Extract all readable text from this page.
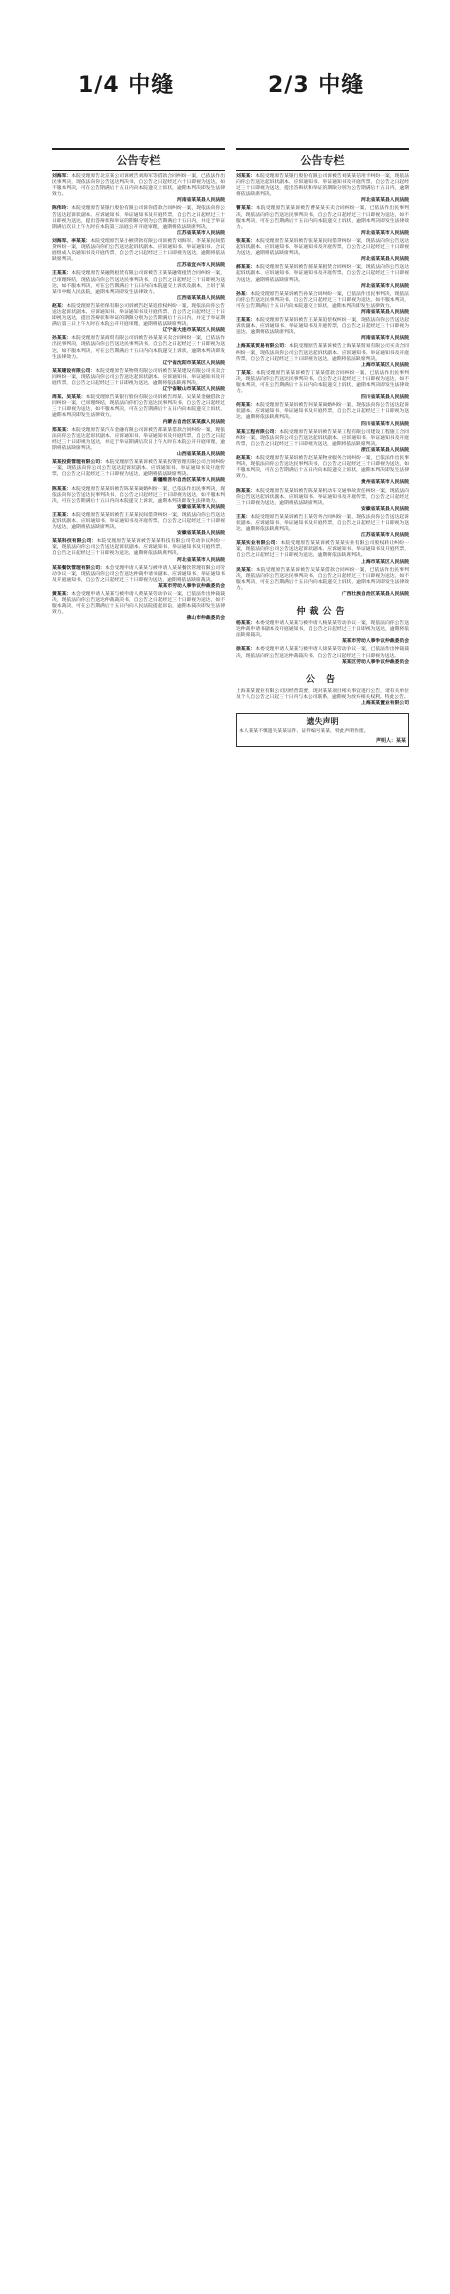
1/4 中缝	2/3 中缝
公告专栏

刘海军：本院受理原告北京某公司诉被告刘海军等借款合同纠纷一案，已依法作出民事判决，现依法向你公告送达判决书，自公告之日起经过六十日即视为送达。如不服本判决，可在公告期满后十五日内向本院递交上诉状，逾期本判决即发生法律效力。
河南省某某县人民法院

陈伟玲：本院受理原告某银行股份有限公司诉你借款合同纠纷一案，现依法向你公告送达起诉状副本、应诉通知书、举证通知书及开庭传票，自公告之日起经过三十日即视为送达，提出答辩状和举证的期限分别为公告期满后十五日内，并定于举证期满后次日上午九时在本院第三法庭公开开庭审理，逾期将依法缺席判决。
江苏省某某市人民法院

刘海军、李某某：本院受理原告某小额贷款有限公司诉被告刘海军、李某某民间借贷纠纷一案，现依法向你们公告送达起诉状副本、应诉通知书、举证通知书、合议庭组成人员通知书及开庭传票，自公告之日起经过三十日即视为送达，逾期将依法缺席判决。
江苏省宜兴市人民法院

王某某：本院受理原告某融资租赁有限公司诉被告王某某融资租赁合同纠纷一案，已审理终结，现依法向你公告送达民事判决书，自公告之日起经过三十日即视为送达，如不服本判决，可在公告期满后十五日内向本院递交上诉状及副本，上诉于某某市中级人民法院，逾期本判决即发生法律效力。
江西省某某县人民法院

赵某：本院受理原告某担保有限公司诉被告赵某追偿权纠纷一案，现依法向你公告送达起诉状副本、应诉通知书、举证通知书及开庭传票，自公告之日起经过三十日即视为送达，提出答辩状和举证的期限分别为公告期满后十五日内，并定于举证期满后第三日上午九时在本院公开开庭审理，逾期将依法缺席判决。
辽宁省大连市某某区人民法院

孙某某：本院受理原告某商贸有限公司诉被告孙某某买卖合同纠纷一案，已依法作出民事判决，现依法向你公告送达民事判决书，自公告之日起经过三十日即视为送达，如不服本判决，可在公告期满后十五日内向本院递交上诉状，逾期本判决即发生法律效力。
辽宁省沈阳市某某区人民法院

某某建设有限公司：本院受理原告某物资有限公司诉被告某某建设有限公司买卖合同纠纷一案，现依法向你公司公告送达起诉状副本、应诉通知书、举证通知书及开庭传票，自公告之日起经过三十日即视为送达，逾期将依法缺席判决。
辽宁省鞍山市某某区人民法院

周某、吴某某：本院受理原告某银行股份有限公司诉被告周某、吴某某金融借款合同纠纷一案，已审理终结，现依法向你们公告送达民事判决书，自公告之日起经过三十日即视为送达，如不服本判决，可在公告期满后十五日内向本院递交上诉状，逾期本判决即发生法律效力。
内蒙古自治区某某旗人民法院

郑某某：本院受理原告某汽车金融有限公司诉被告郑某某借款合同纠纷一案，现依法向你公告送达起诉状副本、应诉通知书、举证通知书及开庭传票，自公告之日起经过三十日即视为送达，并定于举证期满后次日上午九时在本院公开开庭审理，逾期将依法缺席判决。
山西省某某县人民法院

某某投资管理有限公司：本院受理原告某某诉被告某某投资管理有限公司合同纠纷一案，现依法向你公司公告送达起诉状副本、应诉通知书、举证通知书及开庭传票，自公告之日起经过三十日即视为送达，逾期将依法缺席判决。
新疆维吾尔自治区某某市人民法院

陈某某：本院受理原告某某诉被告陈某某离婚纠纷一案，已依法作出民事判决，现依法向你公告送达民事判决书，自公告之日起经过三十日即视为送达，如不服本判决，可在公告期满后十五日内向本院递交上诉状，逾期本判决即发生法律效力。
安徽省某某市人民法院

王某某：本院受理原告某某诉被告王某某民间借贷纠纷一案，现依法向你公告送达起诉状副本、应诉通知书、举证通知书及开庭传票，自公告之日起经过三十日即视为送达，逾期将依法缺席判决。
安徽省某某县人民法院

某某科技有限公司：本院受理原告某某诉被告某某科技有限公司劳动争议纠纷一案，现依法向你公司公告送达起诉状副本、应诉通知书、举证通知书及开庭传票，自公告之日起经过三十日即视为送达，逾期将依法缺席判决。
河北省某某市人民法院

某某餐饮管理有限公司：本会受理申请人某某与被申请人某某餐饮管理有限公司劳动争议一案，现依法向你公司公告送达仲裁申请书副本、应诉通知书、举证通知书及开庭通知书，自公告之日起经过三十日即视为送达，逾期将依法缺席裁决。
某某市劳动人事争议仲裁委员会

黄某某：本会受理申请人某某与被申请人黄某某劳动争议一案，已依法作出仲裁裁决，现依法向你公告送达仲裁裁决书，自公告之日起经过三十日即视为送达，如不服本裁决，可在公告期满后十五日内向人民法院提起诉讼，逾期本裁决即发生法律效力。
佛山市仲裁委员会

公告专栏

刘某某：本院受理原告某银行股份有限公司诉被告刘某某信用卡纠纷一案，现依法向你公告送达起诉状副本、应诉通知书、举证通知书及开庭传票，自公告之日起经过三十日即视为送达，提出答辩状和举证的期限分别为公告期满后十五日内，逾期将依法缺席判决。
河北省某某县人民法院

曹某某：本院受理原告某某诉被告曹某某买卖合同纠纷一案，已依法作出民事判决，现依法向你公告送达民事判决书，自公告之日起经过三十日即视为送达，如不服本判决，可在公告期满后十五日内向本院递交上诉状，逾期本判决即发生法律效力。
河北省某某市人民法院

张某某：本院受理原告某某诉被告张某某民间借贷纠纷一案，现依法向你公告送达起诉状副本、应诉通知书、举证通知书及开庭传票，自公告之日起经过三十日即视为送达，逾期将依法缺席判决。
河北省某某县人民法院

郝某某：本院受理原告某某诉被告郝某某租赁合同纠纷一案，现依法向你公告送达起诉状副本、应诉通知书、举证通知书及开庭传票，自公告之日起经过三十日即视为送达，逾期将依法缺席判决。
河北省某某市人民法院

孙某：本院受理原告某某诉被告孙某合同纠纷一案，已依法作出民事判决，现依法向你公告送达民事判决书，自公告之日起经过三十日即视为送达，如不服本判决，可在公告期满后十五日内向本院递交上诉状，逾期本判决即发生法律效力。
河南省某某县人民法院

王某某：本院受理原告某某诉被告王某某追偿权纠纷一案，现依法向你公告送达起诉状副本、应诉通知书、举证通知书及开庭传票，自公告之日起经过三十日即视为送达，逾期将依法缺席判决。
河南省某某市人民法院

上海某某贸易有限公司：本院受理原告某某诉被告上海某某贸易有限公司买卖合同纠纷一案，现依法向你公司公告送达起诉状副本、应诉通知书、举证通知书及开庭传票，自公告之日起经过三十日即视为送达，逾期将依法缺席判决。
上海市某某区人民法院

丁某某：本院受理原告某某诉被告丁某某借款合同纠纷一案，已依法作出民事判决，现依法向你公告送达民事判决书，自公告之日起经过三十日即视为送达，如不服本判决，可在公告期满后十五日内向本院递交上诉状，逾期本判决即发生法律效力。
四川省某某县人民法院

何某某：本院受理原告某某诉被告何某某离婚纠纷一案，现依法向你公告送达起诉状副本、应诉通知书、举证通知书及开庭传票，自公告之日起经过三十日即视为送达，逾期将依法缺席判决。
四川省某某市人民法院

某某工程有限公司：本院受理原告某某诉被告某某工程有限公司建设工程施工合同纠纷一案，现依法向你公司公告送达起诉状副本、应诉通知书、举证通知书及开庭传票，自公告之日起经过三十日即视为送达，逾期将依法缺席判决。
浙江省某某县人民法院

赵某某：本院受理原告某某诉被告赵某某物业服务合同纠纷一案，已依法作出民事判决，现依法向你公告送达民事判决书，自公告之日起经过三十日即视为送达，如不服本判决，可在公告期满后十五日内向本院递交上诉状，逾期本判决即发生法律效力。
贵州省某某市人民法院

陈某某：本院受理原告某某诉被告陈某某机动车交通事故责任纠纷一案，现依法向你公告送达起诉状副本、应诉通知书、举证通知书及开庭传票，自公告之日起经过三十日即视为送达，逾期将依法缺席判决。
安徽省某某县人民法院

王某：本院受理原告某某诉被告王某劳务合同纠纷一案，现依法向你公告送达起诉状副本、应诉通知书、举证通知书及开庭传票，自公告之日起经过三十日即视为送达，逾期将依法缺席判决。
江苏省某某市人民法院

某某实业有限公司：本院受理原告某某诉被告某某实业有限公司股权转让纠纷一案，现依法向你公司公告送达起诉状副本、应诉通知书、举证通知书及开庭传票，自公告之日起经过三十日即视为送达，逾期将依法缺席判决。
上海市某某区人民法院

吴某某：本院受理原告某某诉被告吴某某借款合同纠纷一案，已依法作出民事判决，现依法向你公告送达民事判决书，自公告之日起经过三十日即视为送达，如不服本判决，可在公告期满后十五日内向本院递交上诉状，逾期本判决即发生法律效力。
广西壮族自治区某某县人民法院

仲裁公告

杨某某：本委受理申请人某某与被申请人杨某某劳动争议一案，现依法向你公告送达仲裁申请书副本及开庭通知书，自公告之日起经过三十日即视为送达，逾期将依法缺席裁决。
某某市劳动人事争议仲裁委员会

徐某某：本委受理申请人某某与被申请人徐某某劳动争议一案，已依法作出仲裁裁决，现依法向你公告送达仲裁裁决书，自公告之日起经过三十日即视为送达。
某某区劳动人事争议仲裁委员会

公 告

上海某某置业有限公司因经营需要，现对某某项目相关事宜进行公告，请有关单位及个人自公告之日起三十日内与本公司联系，逾期视为放弃相关权利。特此公告。
上海某某置业有限公司

遗失声明

本人某某不慎遗失某某证件，证件编号某某，特此声明作废。

声明人：某某
